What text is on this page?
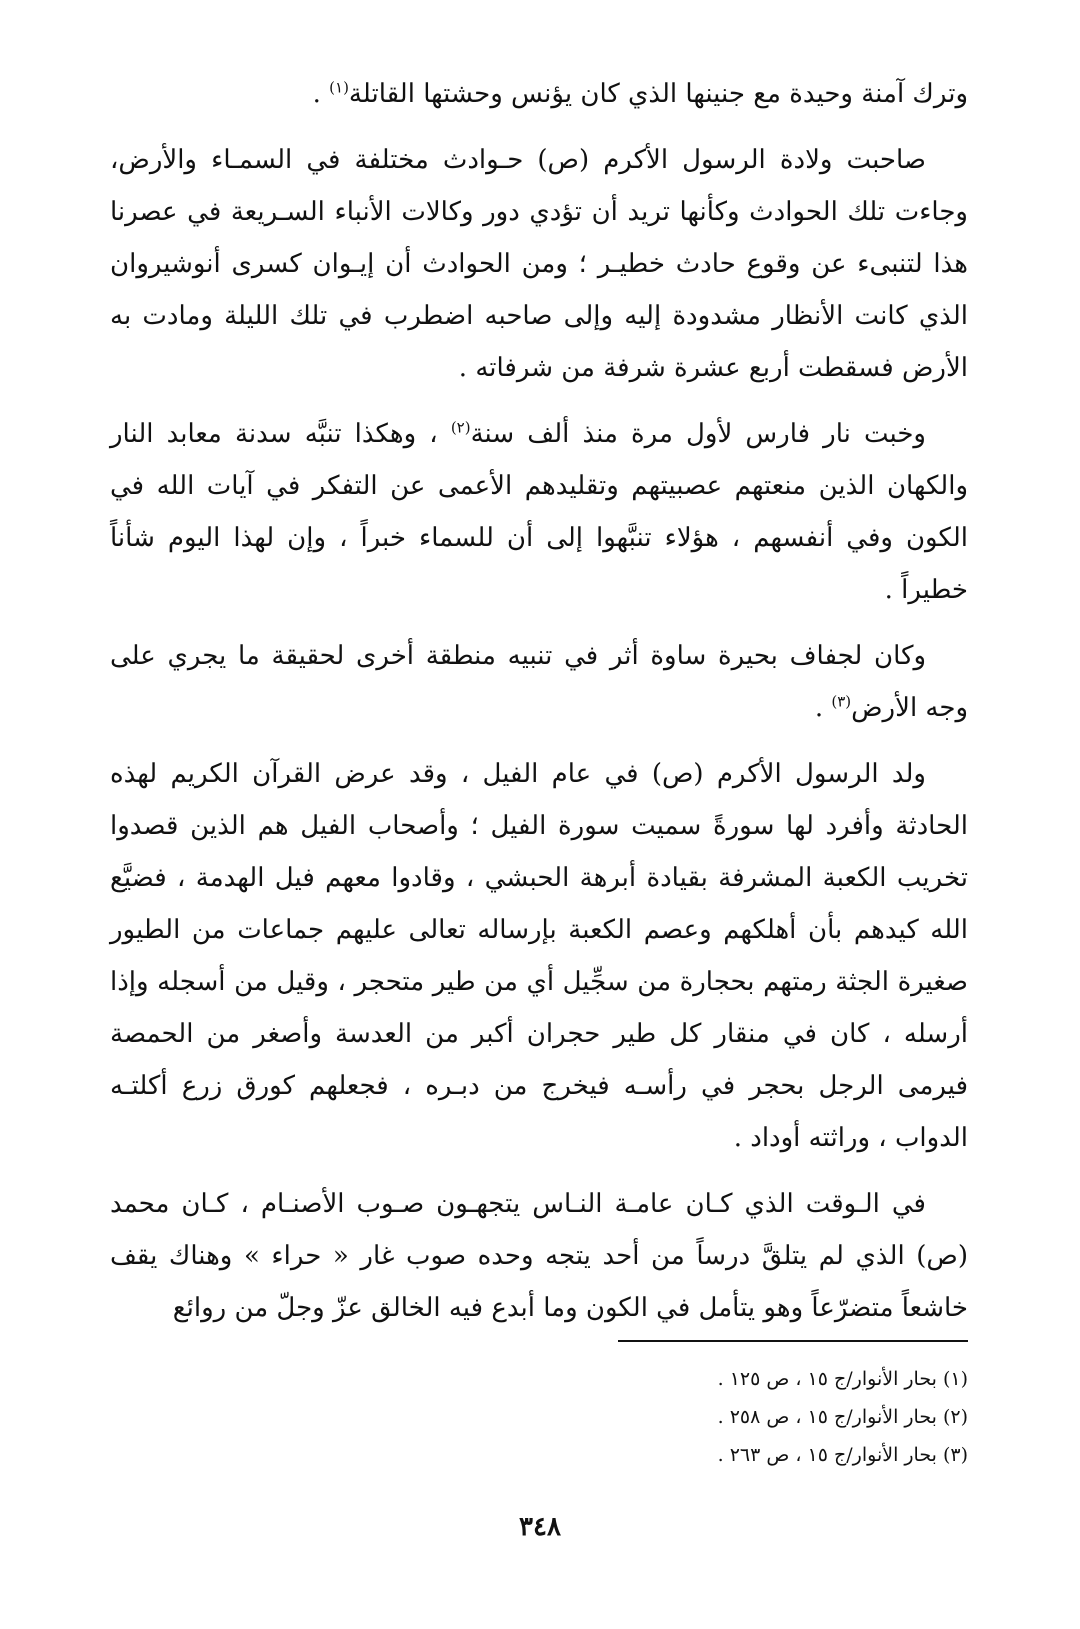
وترك آمنة وحيدة مع جنينها الذي كان يؤنس وحشتها القاتلة$^{(١)}$ .

صاحبت ولادة الرسول الأكرم (ص) حـوادث مختلفة في السمـاء والأرض، وجاءت تلك الحوادث وكأنها تريد أن تؤدي دور وكالات الأنباء السـريعة في عصرنا هذا لتنبىء عن وقوع حادث خطيـر ؛ ومن الحوادث أن إيـوان كسرى أنوشيروان الذي كانت الأنظار مشدودة إليه وإلى صاحبه اضطرب في تلك الليلة ومادت به الأرض فسقطت أربع عشرة شرفة من شرفاته .

وخبت نار فارس لأول مرة منذ ألف سنة$^{(٢)}$ ، وهكذا تنبَّه سدنة معابد النار والكهان الذين منعتهم عصبيتهم وتقليدهم الأعمى عن التفكر في آيات الله في الكون وفي أنفسهم ، هؤلاء تنبَّهوا إلى أن للسماء خبراً ، وإن لهذا اليوم شأناً خطيراً .

وكان لجفاف بحيرة ساوة أثر في تنبيه منطقة أخرى لحقيقة ما يجري على وجه الأرض$^{(٣)}$ .

ولد الرسول الأكرم (ص) في عام الفيل ، وقد عرض القرآن الكريم لهذه الحادثة وأفرد لها سورةً سميت سورة الفيل ؛ وأصحاب الفيل هم الذين قصدوا تخريب الكعبة المشرفة بقيادة أبرهة الحبشي ، وقادوا معهم فيل الهدمة ، فضيَّع الله كيدهم بأن أهلكهم وعصم الكعبة بإرساله تعالى عليهم جماعات من الطيور صغيرة الجثة رمتهم بحجارة من سجِّيل أي من طير متحجر ، وقيل من أسجله وإذا أرسله ، كان في منقار كل طير حجران أكبر من العدسة وأصغر من الحمصة فيرمى الرجل بحجر في رأسـه فيخرج من دبـره ، فجعلهم كورق زرع أكلتـه الدواب ، وراثته أوداد .

في الـوقت الذي كـان عامـة النـاس يتجهـون صـوب الأصنـام ، كـان محمد (ص) الذي لم يتلقَّ درساً من أحد يتجه وحده صوب غار « حراء » وهناك يقف خاشعاً متضرّعاً وهو يتأمل في الكون وما أبدع فيه الخالق عزّ وجلّ من روائع

(١) بحار الأنوار/ج ١٥ ، ص ١٢٥ .
(٢) بحار الأنوار/ج ١٥ ، ص ٢٥٨ .
(٣) بحار الأنوار/ج ١٥ ، ص ٢٦٣ .
٣٤٨
